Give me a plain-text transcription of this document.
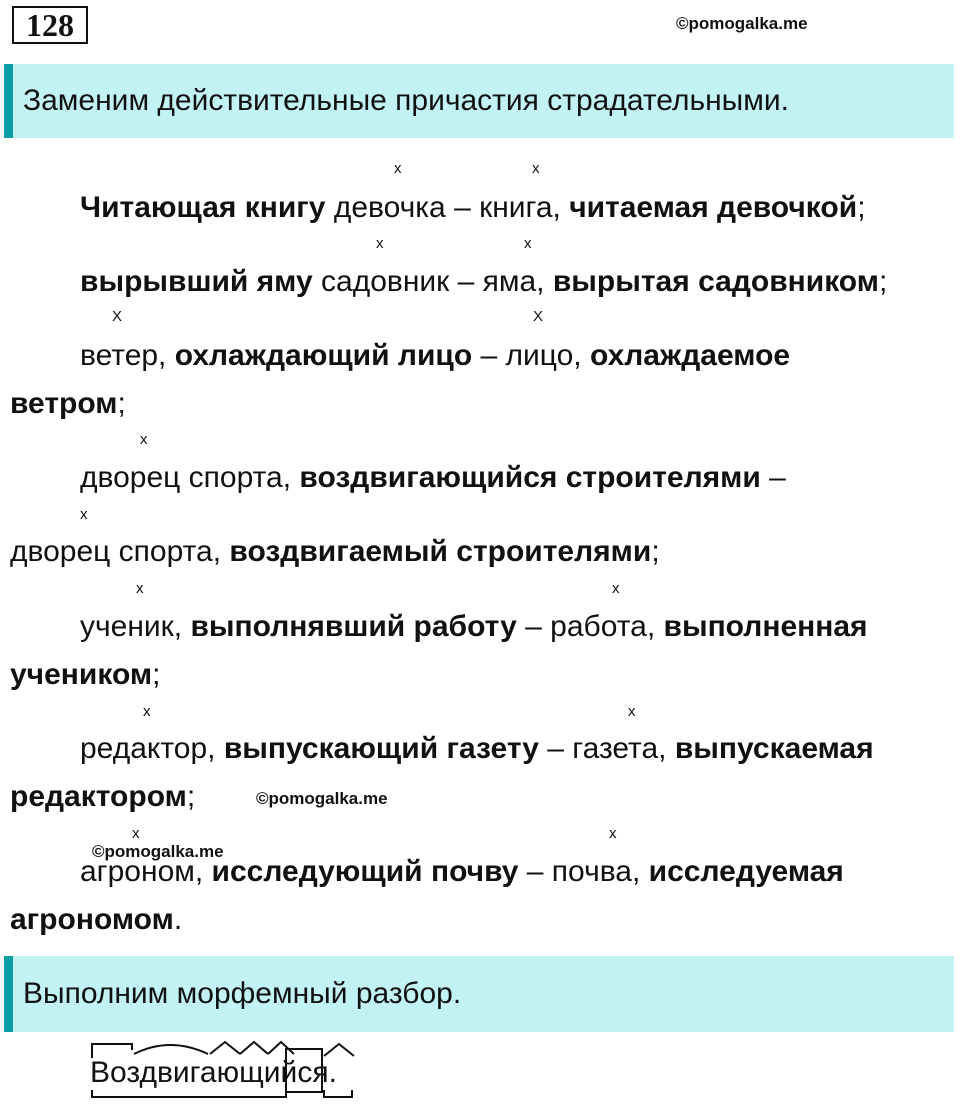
128	©pomogalka.me
Заменим действительные причастия страдательными.
x	x
x	x
X	X
x
x
x	x
x	x
x	x
Читающая книгу девочка – книга, читаемая девочкой;
вырывший яму садовник – яма, вырытая садовником;
ветер, охлаждающий лицо – лицо, охлаждаемое
ветром;
дворец спорта, воздвигающийся строителями –
дворец спорта, воздвигаемый строителями;
ученик, выполнявший работу – работа, выполненная
учеником;
редактор, выпускающий газету – газета, выпускаемая
редактором;
агроном, исследующий почву – почва, исследуемая
агрономом.
©pomogalka.me
©pomogalka.me
Выполним морфемный разбор.
Воздвигающийся.
